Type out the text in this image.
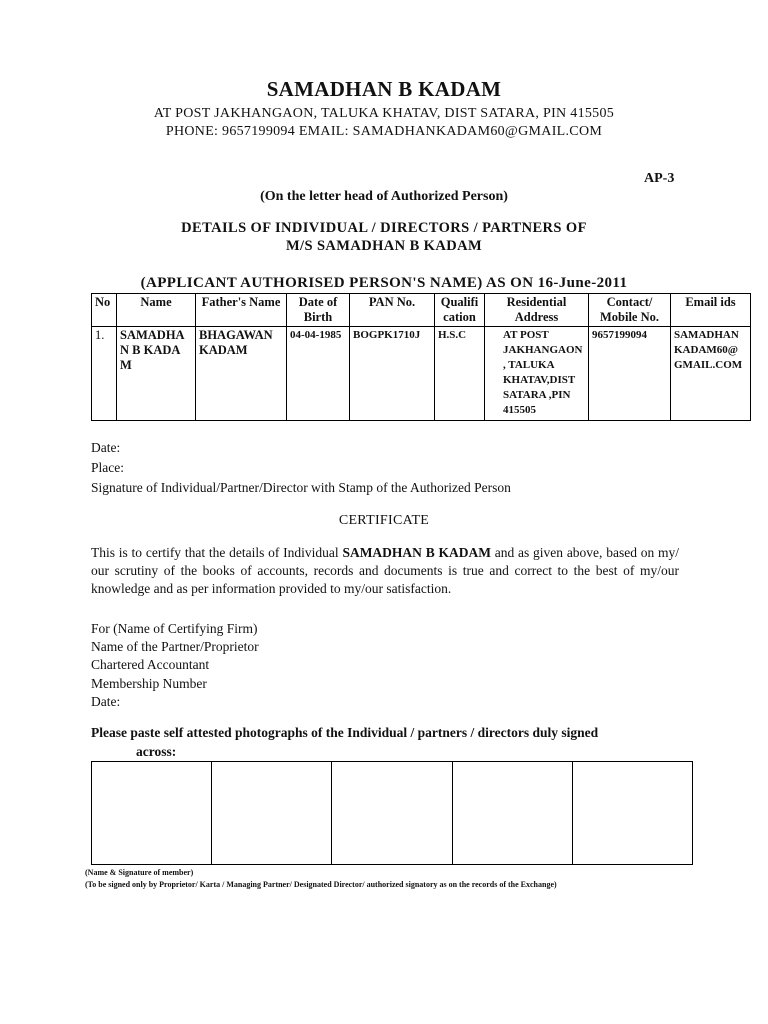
SAMADHAN B KADAM
AT POST JAKHANGAON, TALUKA KHATAV, DIST SATARA, PIN 415505
PHONE: 9657199094 EMAIL: SAMADHANKADAM60@GMAIL.COM
AP-3
(On the letter head of Authorized Person)
DETAILS OF INDIVIDUAL / DIRECTORS / PARTNERS OF
M/S SAMADHAN B KADAM
(APPLICANT AUTHORISED PERSON'S NAME) AS ON 16-June-2011
No	Name	Father's Name	Date of Birth	PAN No.	Qualification	Residential Address	Contact/ Mobile No.	Email ids
1.	SAMADHAN B KADAM	BHAGAWAN KADAM	04-04-1985	BOGPK1710J	H.S.C	AT POST JAKHANGAON , TALUKA KHATAV,DIST SATARA ,PIN 415505	9657199094	SAMADHAN KADAM60@ GMAIL.COM
Date:
Place:
Signature of Individual/Partner/Director with Stamp of the Authorized Person
CERTIFICATE
This is to certify that the details of Individual SAMADHAN B KADAM and as given above, based on my/ our scrutiny of the books of accounts, records and documents is true and correct to the best of my/our knowledge and as per information provided to my/our satisfaction.
For (Name of Certifying Firm)
Name of the Partner/Proprietor
Chartered Accountant
Membership Number
Date:
Please paste self attested photographs of the Individual / partners / directors duly signed
across:
(Name & Signature of member)
(To be signed only by Proprietor/ Karta / Managing Partner/ Designated Director/ authorized signatory as on the records of the Exchange)
